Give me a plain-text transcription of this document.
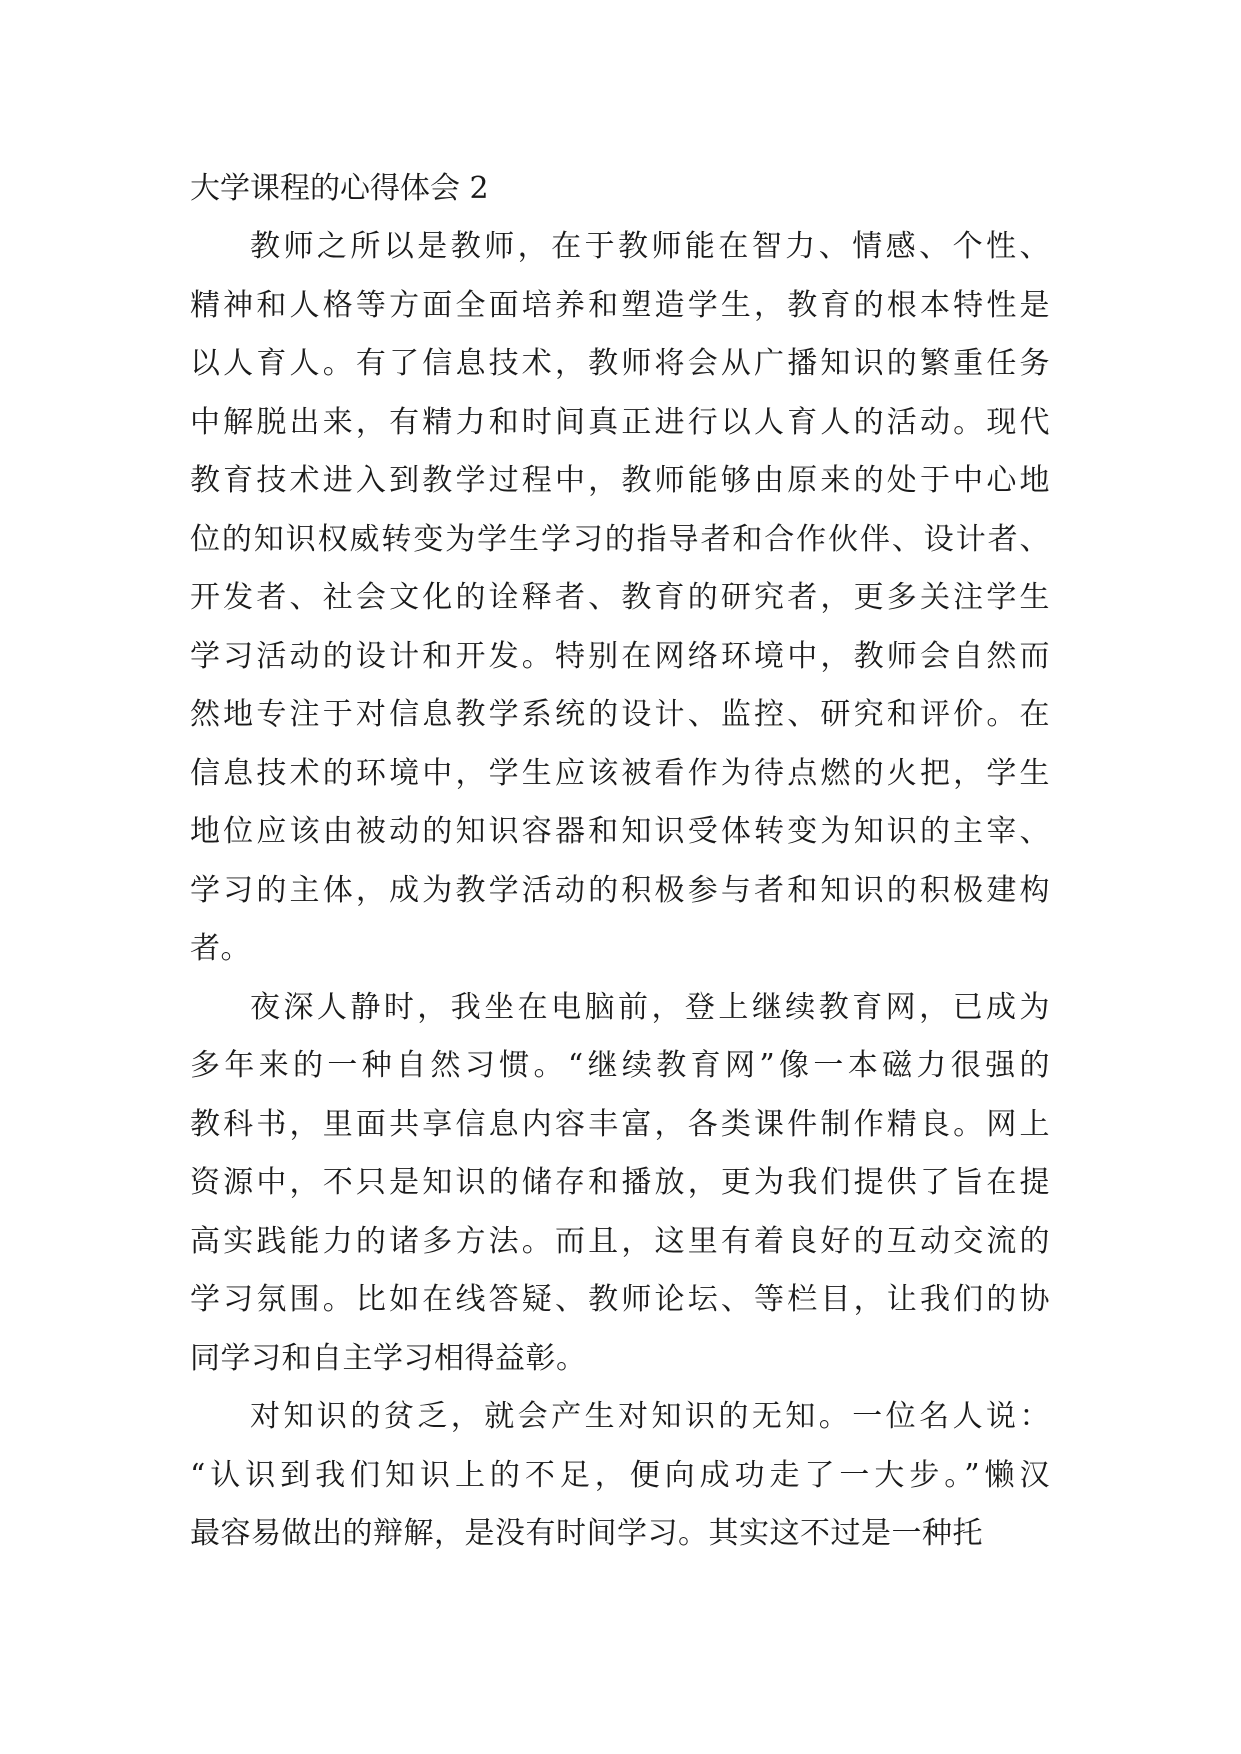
大学课程的心得体会 2

教师之所以是教师，在于教师能在智力、情感、个性、

精神和人格等方面全面培养和塑造学生，教育的根本特性是

以人育人。有了信息技术，教师将会从广播知识的繁重任务

中解脱出来，有精力和时间真正进行以人育人的活动。现代

教育技术进入到教学过程中，教师能够由原来的处于中心地

位的知识权威转变为学生学习的指导者和合作伙伴、设计者、

开发者、社会文化的诠释者、教育的研究者，更多关注学生

学习活动的设计和开发。特别在网络环境中，教师会自然而

然地专注于对信息教学系统的设计、监控、研究和评价。在

信息技术的环境中，学生应该被看作为待点燃的火把，学生

地位应该由被动的知识容器和知识受体转变为知识的主宰、

学习的主体，成为教学活动的积极参与者和知识的积极建构

者。

夜深人静时，我坐在电脑前，登上继续教育网，已成为

多年来的一种自然习惯。“继续教育网”像一本磁力很强的

教科书，里面共享信息内容丰富，各类课件制作精良。网上

资源中，不只是知识的储存和播放，更为我们提供了旨在提

高实践能力的诸多方法。而且，这里有着良好的互动交流的

学习氛围。比如在线答疑、教师论坛、等栏目，让我们的协

同学习和自主学习相得益彰。

对知识的贫乏，就会产生对知识的无知。一位名人说：

“认识到我们知识上的不足，便向成功走了一大步。”懒汉

最容易做出的辩解，是没有时间学习。其实这不过是一种托
